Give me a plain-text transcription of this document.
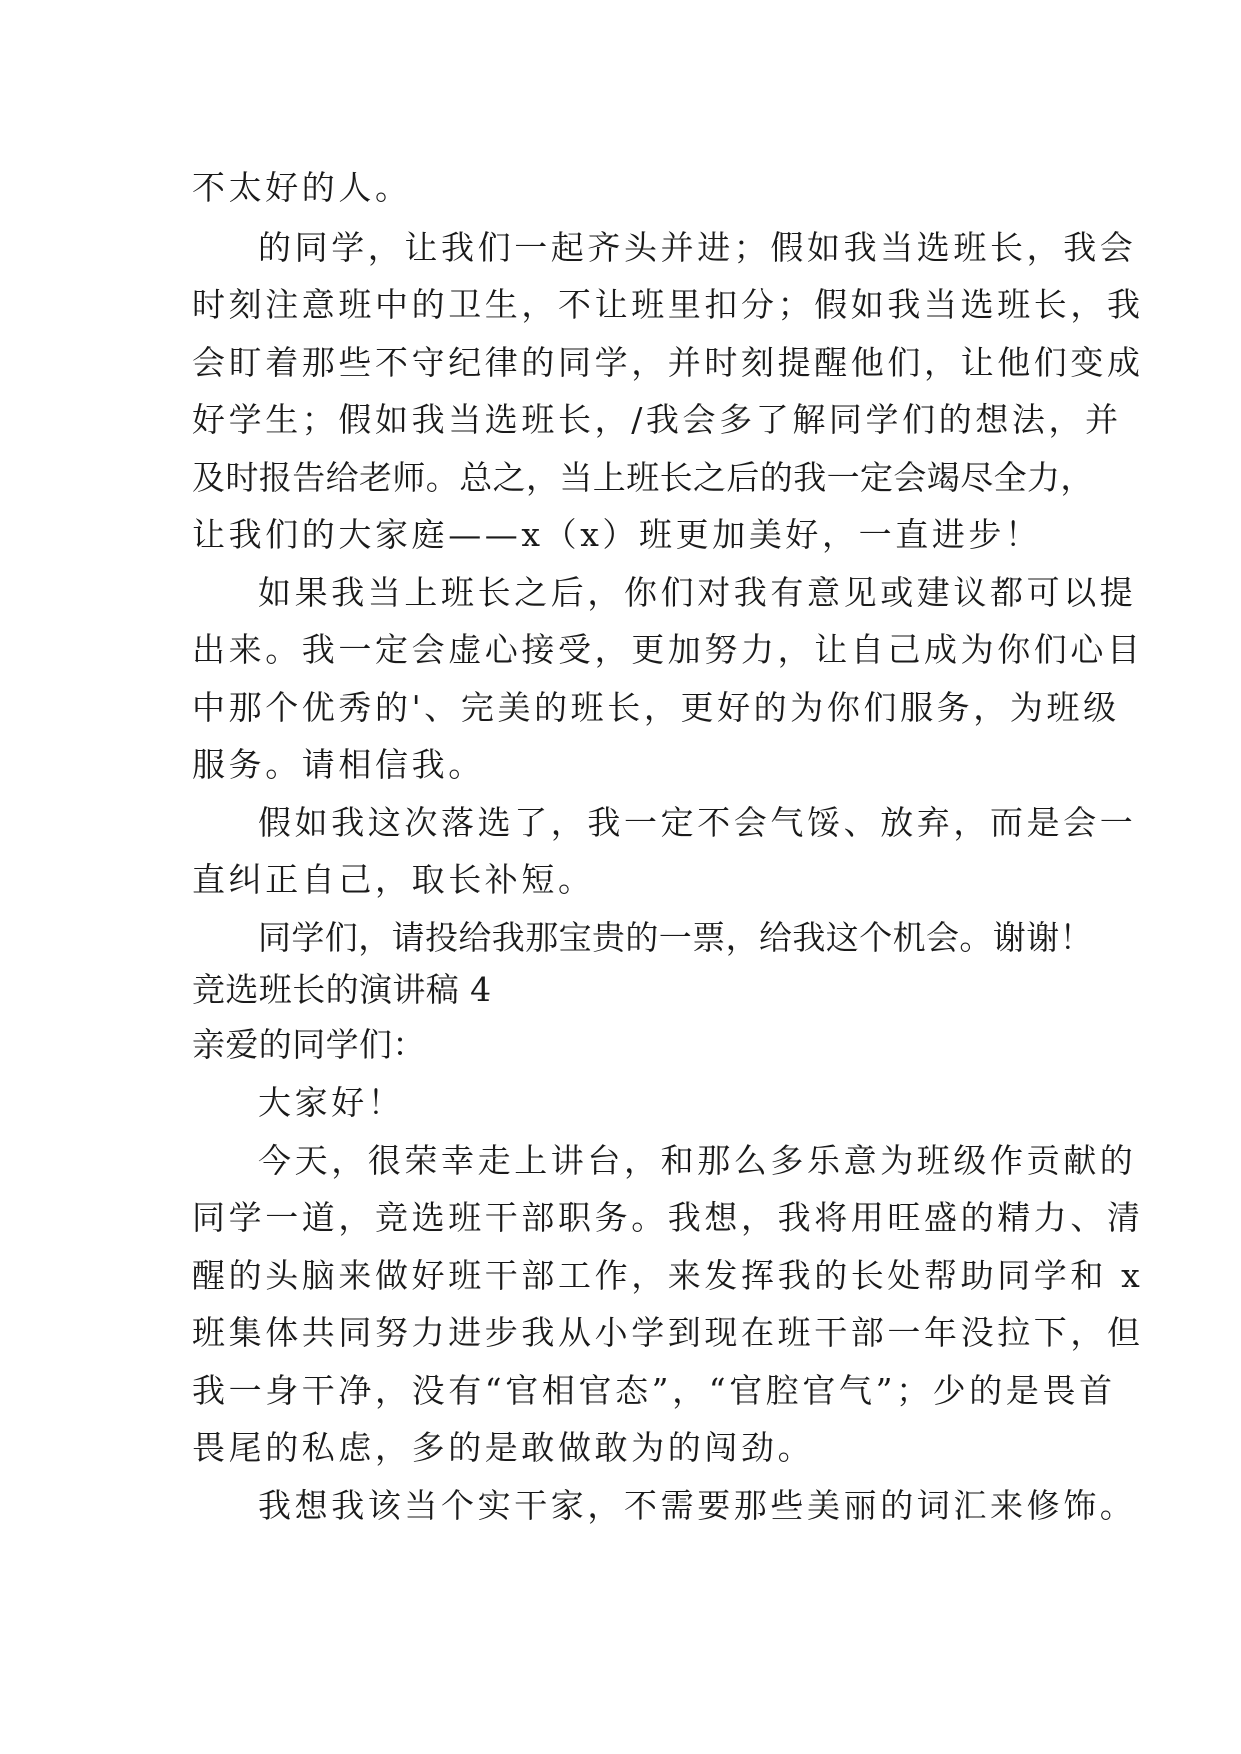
不太好的人。
的同学，让我们一起齐头并进；假如我当选班长，我会
时刻注意班中的卫生，不让班里扣分；假如我当选班长，我
会盯着那些不守纪律的同学，并时刻提醒他们，让他们变成
好学生；假如我当选班长，/我会多了解同学们的想法，并
及时报告给老师。总之，当上班长之后的我一定会竭尽全力，
让我们的大家庭——x（x）班更加美好，一直进步！
如果我当上班长之后，你们对我有意见或建议都可以提
出来。我一定会虚心接受，更加努力，让自己成为你们心目
中那个优秀的'、完美的班长，更好的为你们服务，为班级
服务。请相信我。
假如我这次落选了，我一定不会气馁、放弃，而是会一
直纠正自己，取长补短。
同学们，请投给我那宝贵的一票，给我这个机会。谢谢！
竞选班长的演讲稿 4
亲爱的同学们：
大家好！
今天，很荣幸走上讲台，和那么多乐意为班级作贡献的
同学一道，竞选班干部职务。我想，我将用旺盛的精力、清
醒的头脑来做好班干部工作，来发挥我的长处帮助同学和 x
班集体共同努力进步我从小学到现在班干部一年没拉下，但
我一身干净，没有“官相官态”，“官腔官气”；少的是畏首
畏尾的私虑，多的是敢做敢为的闯劲。
我想我该当个实干家，不需要那些美丽的词汇来修饰。
